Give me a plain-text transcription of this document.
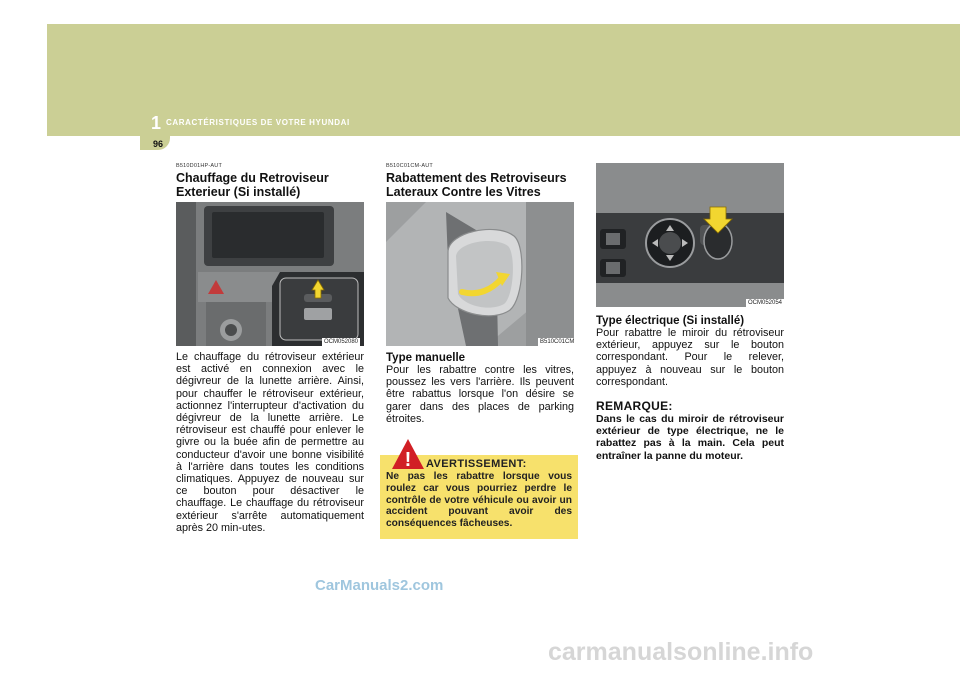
1 CARACTÉRISTIQUES DE VOTRE HYUNDAI
96
B510D01HP-AUT
Chauffage du Retroviseur Exterieur (Si installé)
OCM052080
Le chauffage du rétroviseur extérieur est activé en connexion avec le dégivreur de la lunette arrière. Ainsi, pour chauffer le rétroviseur extérieur, actionnez l'interrupteur d'activation du dégivreur de la lunette arrière. Le rétroviseur est chauffé pour enlever le givre ou la buée afin de permettre au conducteur d'avoir une bonne visibilité à l'arrière dans toutes les conditions climatiques. Appuyez de nouveau sur ce bouton pour désactiver le chauffage. Le chauffage du rétroviseur extérieur s'arrête automatiquement après 20 min-utes.
B510C01CM-AUT
Rabattement des Retroviseurs Lateraux Contre les Vitres
B510C01CM
Type manuelle
Pour les rabattre contre les vitres, poussez les vers l'arrière. Ils peuvent être rabattus lorsque l'on désire se garer dans des places de parking étroites.
! AVERTISSEMENT:
Ne pas les rabattre lorsque vous roulez car vous pourriez perdre le contrôle de votre véhicule ou avoir un accident pouvant avoir des conséquences fâcheuses.
OCM052054
Type électrique (Si installé)
Pour rabattre le miroir du rétroviseur extérieur, appuyez sur le bouton correspondant. Pour le relever, appuyez à nouveau sur le bouton correspondant.
REMARQUE:
Dans le cas du miroir de rétroviseur extérieur de type électrique, ne le rabattez pas à la main. Cela peut entraîner la panne du moteur.
CarManuals2.com
carmanualsonline.info
